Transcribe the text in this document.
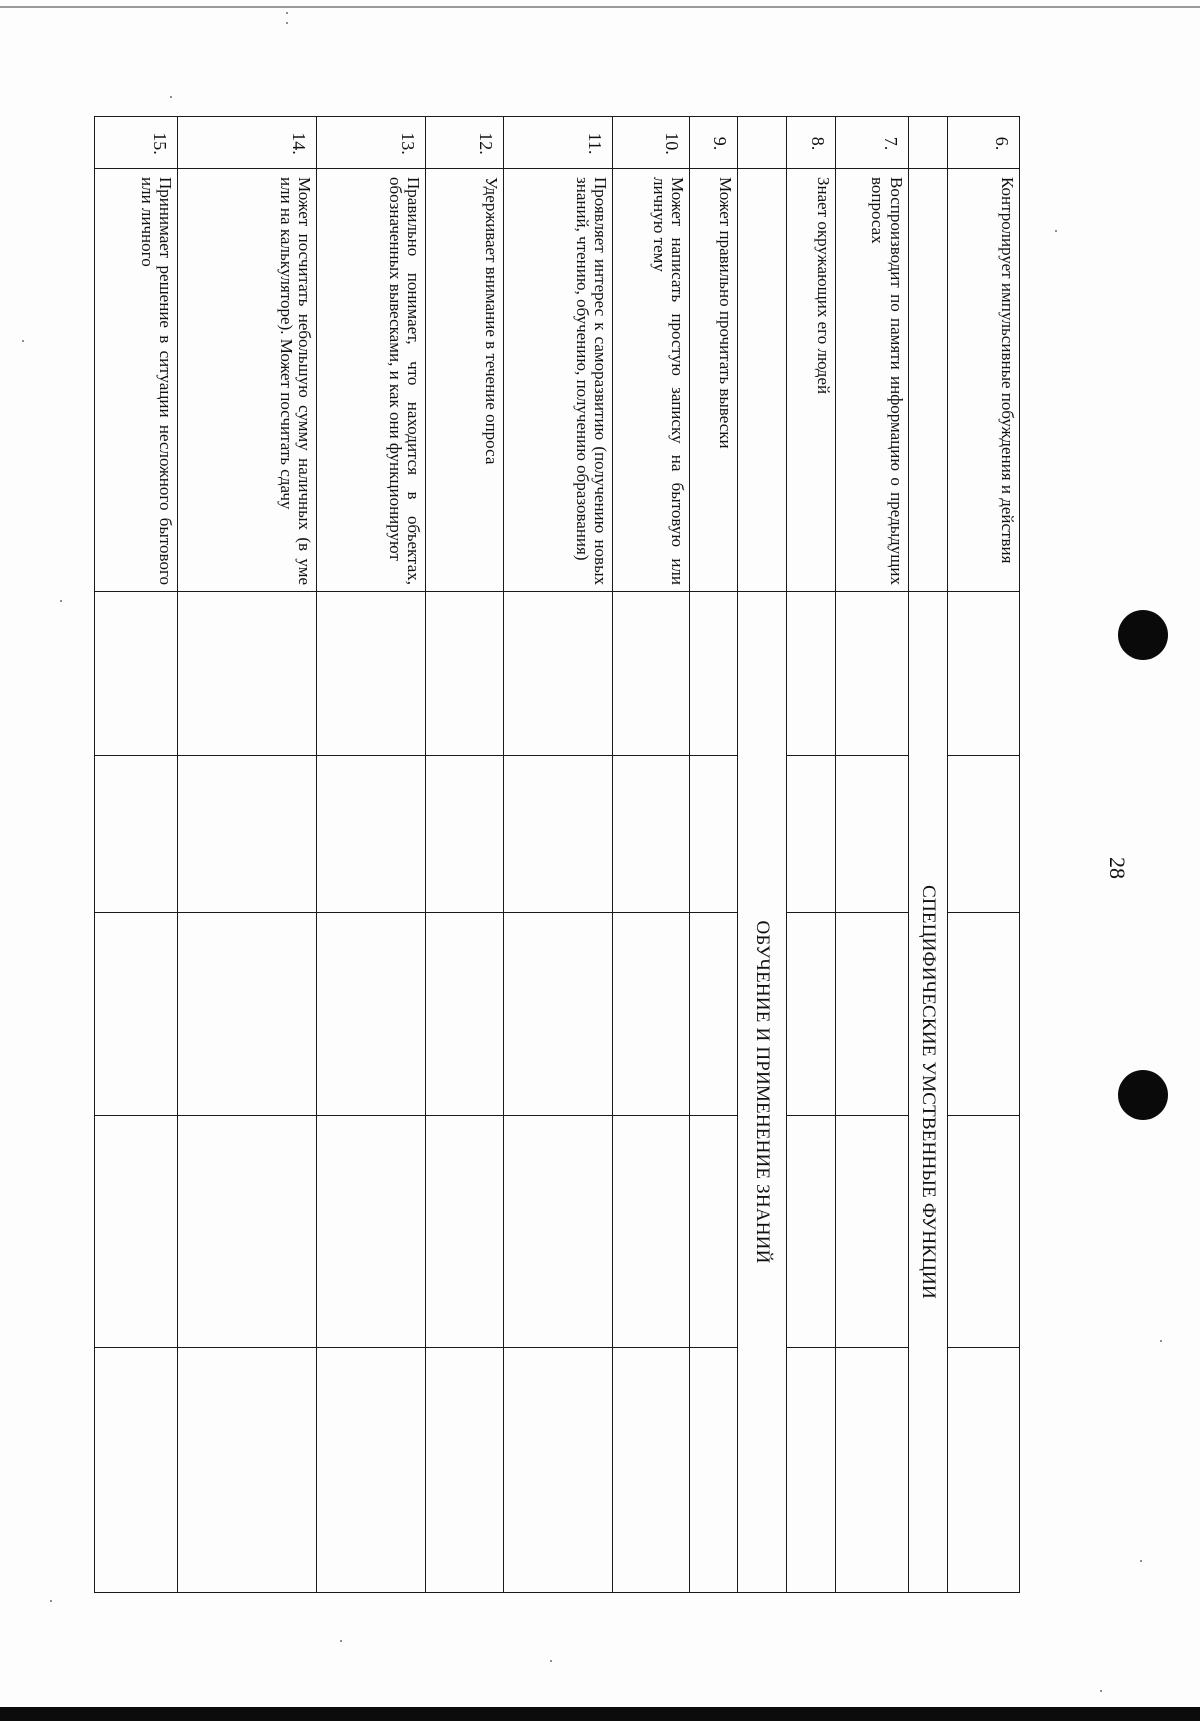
28
6.	Контролирует импульсивные побуждения и действия					
		СПЕЦИФИЧЕСКИЕ УМСТВЕННЫЕ ФУНКЦИИ				
7.	Воспроизводит по памяти информацию о предыдущих вопросах					
8.	Знает окружающих его людей					
		ОБУЧЕНИЕ И ПРИМЕНЕНИЕ ЗНАНИЙ				
9.	Может правильно прочитать вывески					
10.	Может написать простую записку на бытовую или личную тему					
11.	Проявляет интерес к саморазвитию (получению новых знаний, чтению, обучению, получению образования)					
12.	Удерживает внимание в течение опроса					
13.	Правильно понимает, что находится в объектах, обозначенных вывесками, и как они функционируют					
14.	Может посчитать небольшую сумму наличных (в уме или на калькуляторе). Может посчитать сдачу					
15.	Принимает решение в ситуации несложного бытового или личного					
